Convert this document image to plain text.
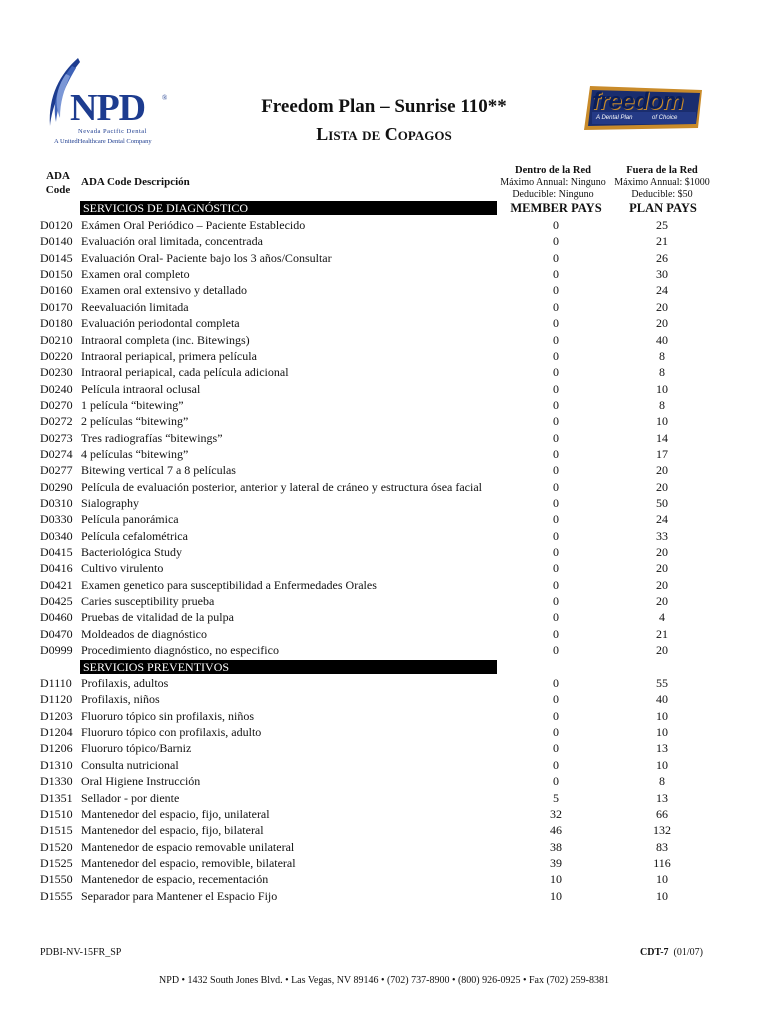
NPD ®
Nevada Pacific Dental
A UnitedHealthcare Dental Company
freedom
A Dental Plan	of Choice
Freedom Plan – Sunrise 110**
Lista de Copagos
ADA Code
ADA Code Descripción
Dentro de la Red
Máximo Annual: Ninguno
Deducible: Ninguno
Fuera de la Red
Máximo Annual: $1000
Deducible: $50
MEMBER PAYS	PLAN PAYS
SERVICIOS DE DIAGNÓSTICO
D0120 Exámen Oral Periódico – Paciente Establecido	0	25
D0140 Evaluación oral limitada, concentrada	0	21
D0145 Evaluación Oral- Paciente bajo los 3 años/Consultar	0	26
D0150 Examen oral completo	0	30
D0160 Examen oral extensivo y detallado	0	24
D0170 Reevaluación limitada	0	20
D0180 Evaluación periodontal completa	0	20
D0210 Intraoral completa (inc. Bitewings)	0	40
D0220 Intraoral periapical, primera película	0	8
D0230 Intraoral periapical, cada película adicional	0	8
D0240 Película intraoral oclusal	0	10
D0270 1 película “bitewing”	0	8
D0272 2 películas “bitewing”	0	10
D0273 Tres radiografías “bitewings”	0	14
D0274 4 películas “bitewing”	0	17
D0277 Bitewing vertical 7 a 8 películas	0	20
D0290 Película de evaluación posterior, anterior y lateral de cráneo y estructura ósea facial	0	20
D0310 Sialography	0	50
D0330 Película panorámica	0	24
D0340 Película cefalométrica	0	33
D0415 Bacteriológica Study	0	20
D0416 Cultivo virulento	0	20
D0421 Examen genetico para susceptibilidad a Enfermedades Orales	0	20
D0425 Caries susceptibility prueba	0	20
D0460 Pruebas de vitalidad de la pulpa	0	4
D0470 Moldeados de diagnóstico	0	21
D0999 Procedimiento diagnóstico, no especifico	0	20
SERVICIOS PREVENTIVOS
D1110 Profilaxis, adultos	0	55
D1120 Profilaxis, niños	0	40
D1203 Fluoruro tópico sin profilaxis, niños	0	10
D1204 Fluoruro tópico con profilaxis, adulto	0	10
D1206 Fluoruro tópico/Barniz	0	13
D1310 Consulta nutricional	0	10
D1330 Oral Higiene Instrucción	0	8
D1351 Sellador - por diente	5	13
D1510 Mantenedor del espacio, fijo, unilateral	32	66
D1515 Mantenedor del espacio, fijo, bilateral	46	132
D1520 Mantenedor de espacio removable unilateral	38	83
D1525 Mantenedor del espacio, removible, bilateral	39	116
D1550 Mantenedor de espacio, recementación	10	10
D1555 Separador para Mantener el Espacio Fijo	10	10
PDBI-NV-15FR_SP	CDT-7 (01/07)
NPD • 1432 South Jones Blvd. • Las Vegas, NV 89146 • (702) 737-8900 • (800) 926-0925 • Fax (702) 259-8381
